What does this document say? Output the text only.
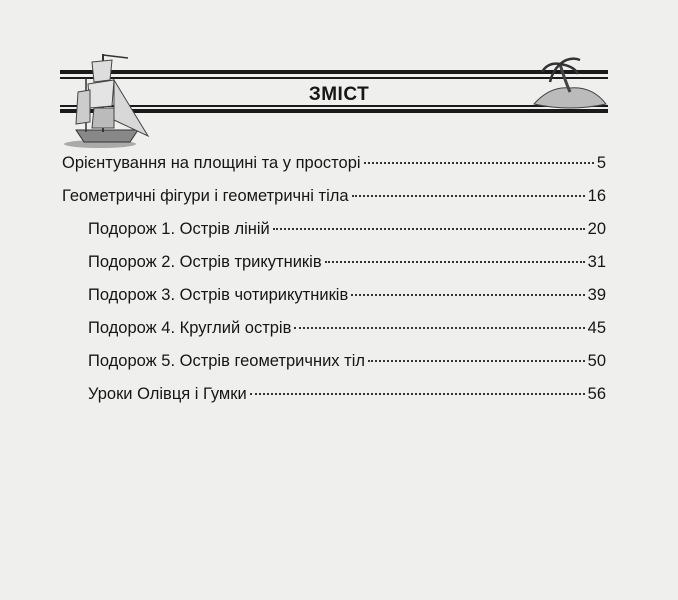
ЗМІСТ
Орієнтування на площині та у просторі	5
Геометричні фігури і геометричні тіла	16
Подорож 1. Острів ліній	20
Подорож 2. Острів трикутників	31
Подорож 3. Острів чотирикутників	39
Подорож 4. Круглий острів	45
Подорож 5. Острів геометричних тіл	50
Уроки Олівця і Гумки	56
